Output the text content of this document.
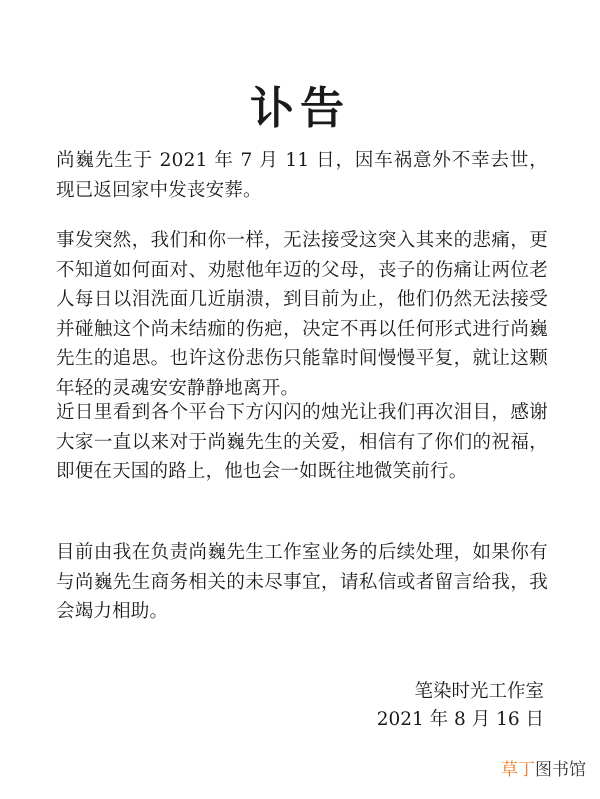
讣告

尚巍先生于 2021 年 7 月 11 日，因车祸意外不幸去世，现已返回家中发丧安葬。

事发突然，我们和你一样，无法接受这突入其来的悲痛，更不知道如何面对、劝慰他年迈的父母，丧子的伤痛让两位老人每日以泪洗面几近崩溃，到目前为止，他们仍然无法接受并碰触这个尚未结痂的伤疤，决定不再以任何形式进行尚巍先生的追思。也许这份悲伤只能靠时间慢慢平复，就让这颗年轻的灵魂安安静静地离开。

近日里看到各个平台下方闪闪的烛光让我们再次泪目，感谢大家一直以来对于尚巍先生的关爱，相信有了你们的祝福，即便在天国的路上，他也会一如既往地微笑前行。

目前由我在负责尚巍先生工作室业务的后续处理，如果你有与尚巍先生商务相关的未尽事宜，请私信或者留言给我，我会竭力相助。

笔染时光工作室
2021 年 8 月 16 日
草丁图书馆
